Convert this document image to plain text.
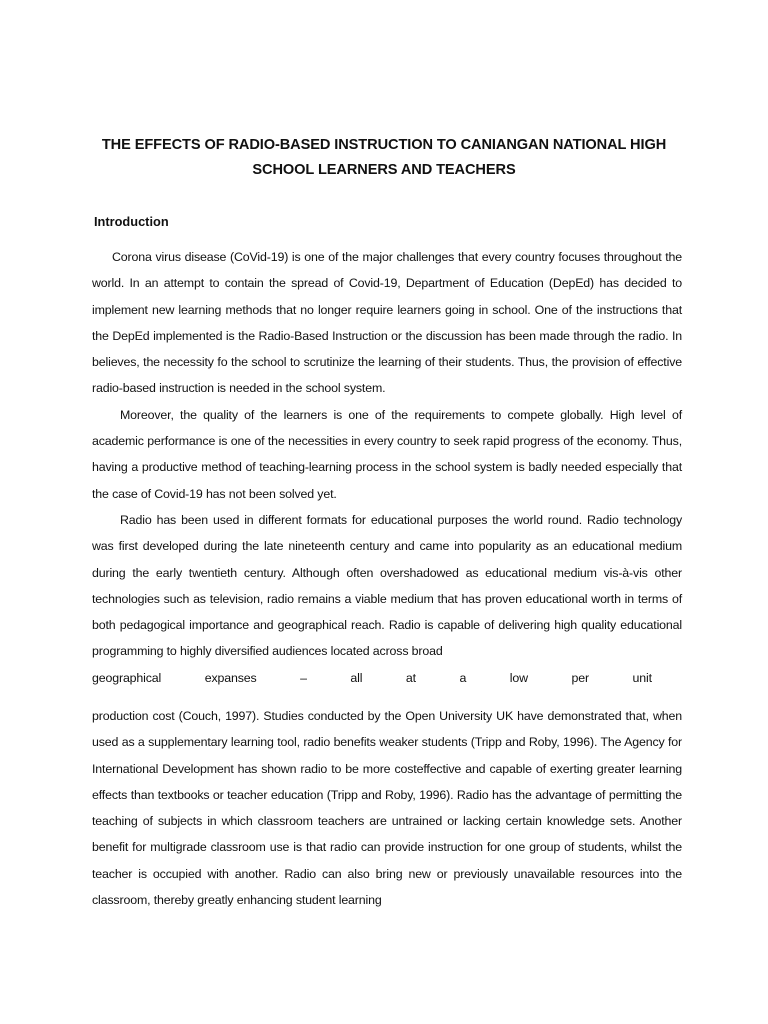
THE EFFECTS OF RADIO-BASED INSTRUCTION TO CANIANGAN NATIONAL HIGH SCHOOL LEARNERS AND TEACHERS
Introduction

Corona virus disease (CoVid-19) is one of the major challenges that every country focuses throughout the world. In an attempt to contain the spread of Covid-19, Department of Education (DepEd) has decided to implement new learning methods that no longer require learners going in school. One of the instructions that the DepEd implemented is the Radio-Based Instruction or the discussion has been made through the radio. In believes, the necessity fo the school to scrutinize the learning of their students. Thus, the provision of effective radio-based instruction is needed in the school system.

Moreover, the quality of the learners is one of the requirements to compete globally. High level of academic performance is one of the necessities in every country to seek rapid progress of the economy. Thus, having a productive method of teaching-learning process in the school system is badly needed especially that the case of Covid-19 has not been solved yet.

Radio has been used in different formats for educational purposes the world round. Radio technology was first developed during the late nineteenth century and came into popularity as an educational medium during the early twentieth century. Although often overshadowed as educational medium vis-à-vis other technologies such as television, radio remains a viable medium that has proven educational worth in terms of both pedagogical importance and geographical reach. Radio is capable of delivering high quality educational programming to highly diversified audiences located across broad

geographical	expanses	–	all	at	a	low	per	unit

production cost (Couch, 1997). Studies conducted by the Open University UK have demonstrated that, when used as a supplementary learning tool, radio benefits weaker students (Tripp and Roby, 1996). The Agency for International Development has shown radio to be more costeffective and capable of exerting greater learning effects than textbooks or teacher education (Tripp and Roby, 1996). Radio has the advantage of permitting the teaching of subjects in which classroom teachers are untrained or lacking certain knowledge sets. Another benefit for multigrade classroom use is that radio can provide instruction for one group of students, whilst the teacher is occupied with another. Radio can also bring new or previously unavailable resources into the classroom, thereby greatly enhancing student learning
